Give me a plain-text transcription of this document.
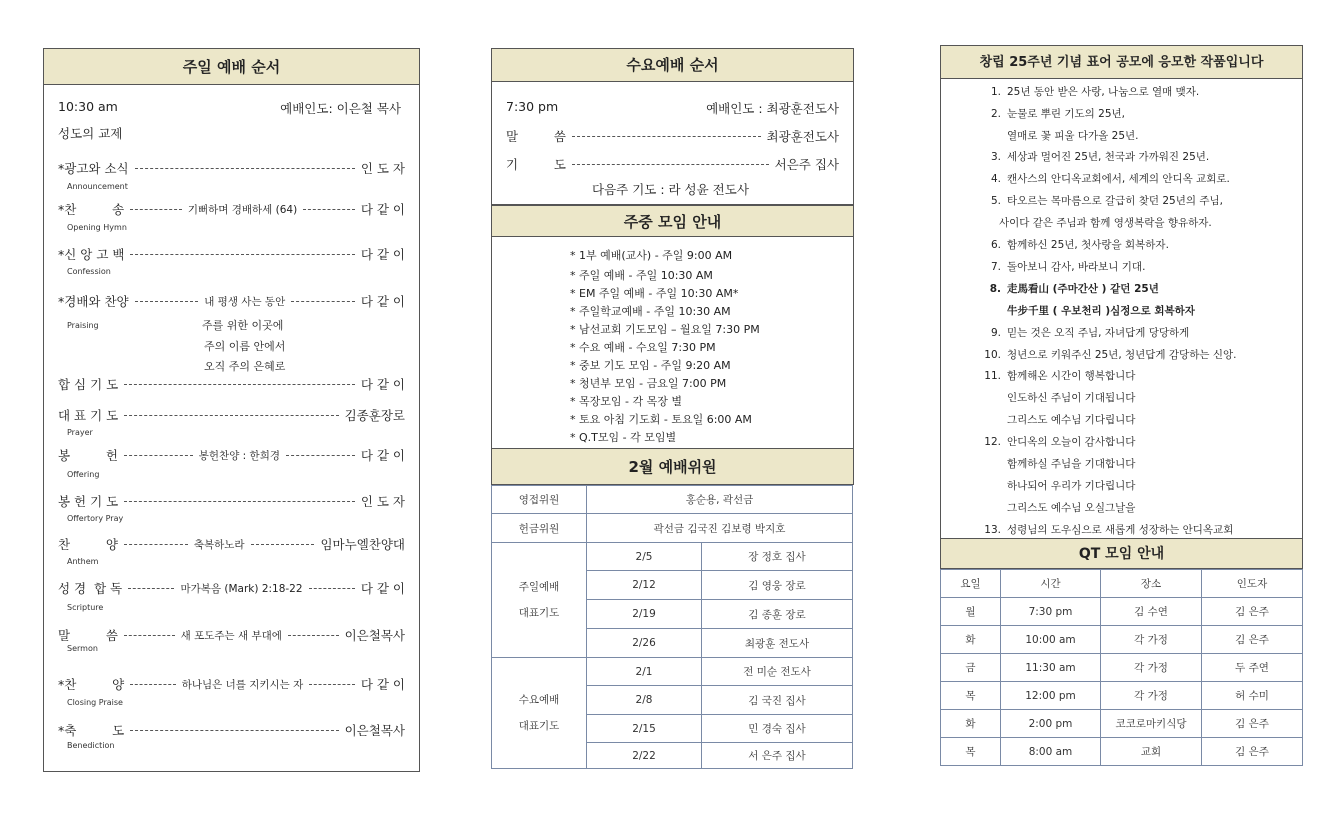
주일 예배 순서
10:30 am	예배인도: 이은철 목사
성도의 교제
*광고와 소식	인 도 자
Announcement
*찬         송	기뻐하며 경배하세 (64)	다 같 이
Opening Hymn
*신 앙 고 백	다 같 이
Confession
*경배와 찬양	내 평생 사는 동안	다 같 이
Praising	주를 위한 이곳에
주의 이름 안에서
오직 주의 은혜로
합 심 기 도	다 같 이
대 표 기 도	김종훈장로
Prayer
봉         헌	봉헌찬양 : 한희경	다 같 이
Offering
봉 헌 기 도	인 도 자
Offertory Pray
찬         양	축복하노라	임마누엘찬양대
Anthem
성 경  합 독	마가복음 (Mark) 2:18-22	다 같 이
Scripture
말         씀	새 포도주는 새 부대에	이은철목사
Sermon
*찬         양	하나님은 너를 지키시는 자	다 같 이
Closing Praise
*축         도	이은철목사
Benediction
수요예배 순서
7:30 pm	예배인도 : 최광훈전도사
말         씀	최광훈전도사
기         도	서은주 집사
다음주 기도 : 라 성윤 전도사
주중 모임 안내
* 1부 예배(교사) - 주일 9:00 AM
* 주일 예배 - 주일 10:30 AM
* EM 주일 예배 - 주일 10:30 AM*
* 주일학교예배 - 주일 10:30 AM
* 남선교회 기도모임 – 월요일 7:30 PM
* 수요 예배 - 수요일 7:30 PM
* 중보 기도 모임 - 주일 9:20 AM
* 청년부 모임 - 금요일 7:00 PM
* 목장모임 - 각 목장 별
* 토요 아침 기도회 - 토요일 6:00 AM
* Q.T모임 - 각 모임별
2월 예배위원
영접위원	홍순용, 곽선금	
헌금위원	곽선금 김국진 김보령 박지호	

주일예배
대표기도	2/5	장 정호 집사
	2/12	김 영웅 장로
	2/19	김 종훈 장로
	2/26	최광훈 전도사

수요예배
대표기도	2/1	전 미순 전도사
	2/8	김 국진 집사
	2/15	민 경숙 집사
	2/22	서 은주 집사
창립 25주년 기념 표어 공모에 응모한 작품입니다
1. 25년 동안 받은 사랑, 나눔으로 열매 맺자.
2. 눈물로 뿌린 기도의 25년,
열매로 꽃 피울 다가올 25년.
3. 세상과 멀어진 25년, 천국과 가까워진 25년.
4. 캔사스의 안디옥교회에서, 세계의 안디옥 교회로.
5. 타오르는 목마름으로 갈급히 찾던 25년의 주님,
사이다 같은 주님과 함께 영생복락을 향유하자.
6. 함께하신 25년, 첫사랑을 회복하자.
7. 돌아보니 감사, 바라보니 기대.
8. 走馬看山 (주마간산 ) 같던 25년
牛步千里 ( 우보천리 )심정으로 회복하자
9. 믿는 것은 오직 주님, 자녀답게 당당하게
10. 청년으로 키워주신 25년, 청년답게 감당하는 신앙.
11. 함께해온 시간이 행복합니다
인도하신 주님이 기대됩니다
그리스도 예수님 기다립니다
12. 안디옥의 오늘이 감사합니다
함께하실 주님을 기대합니다
하나되어 우리가 기다립니다
그리스도 예수님 오실그날을
13. 성령님의 도우심으로 새롭게 성장하는 안디옥교회
QT 모임 안내
요일	시간	장소	인도자
월	7:30 pm	김 수연	김 은주
화	10:00 am	각 가정	김 은주
금	11:30 am	각 가정	두 주연
목	12:00 pm	각 가정	허 수미
화	2:00 pm	코코로마키식당	김 은주
목	8:00 am	교회	김 은주
